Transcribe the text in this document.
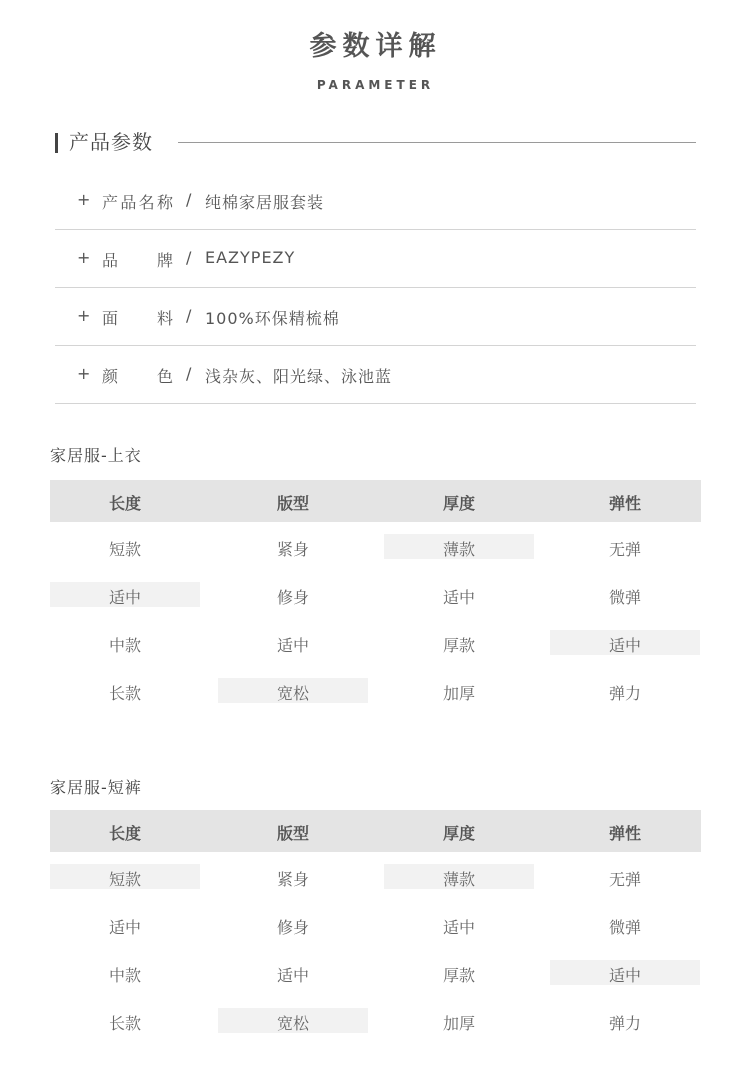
参数详解
PARAMETER
产品参数
+ 产 品 名 称 / 纯棉家居服套装
+ 品 牌 / EAZYPEZY
+ 面 料 / 100%环保精梳棉
+ 颜 色 / 浅杂灰、阳光绿、泳池蓝
家居服-上衣
长度	版型	厚度	弹性
短款	紧身	薄款	无弹
适中	修身	适中	微弹
中款	适中	厚款	适中
长款	宽松	加厚	弹力
家居服-短裤
长度	版型	厚度	弹性
短款	紧身	薄款	无弹
适中	修身	适中	微弹
中款	适中	厚款	适中
长款	宽松	加厚	弹力
